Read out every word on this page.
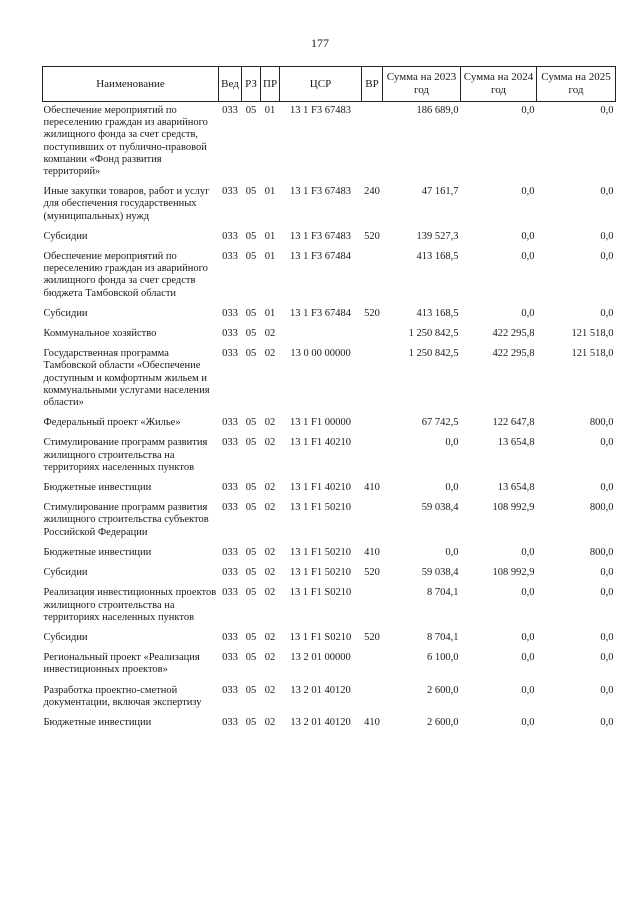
177
Наименование	Вед	РЗ	ПР	ЦСР	ВР	Сумма на 2023 год	Сумма на 2024 год	Сумма на 2025 год
Обеспечение мероприятий по переселению граждан из аварийного жилищного фонда за счет средств, поступивших от публично-правовой компании «Фонд развития территорий»	033	05	01	13 1 F3 67483		186 689,0	0,0	0,0
Иные закупки товаров, работ и услуг для обеспечения государственных (муниципальных) нужд	033	05	01	13 1 F3 67483	240	47 161,7	0,0	0,0
Субсидии	033	05	01	13 1 F3 67483	520	139 527,3	0,0	0,0
Обеспечение мероприятий по переселению граждан из аварийного жилищного фонда за счет средств бюджета Тамбовской области	033	05	01	13 1 F3 67484		413 168,5	0,0	0,0
Субсидии	033	05	01	13 1 F3 67484	520	413 168,5	0,0	0,0
Коммунальное хозяйство	033	05	02			1 250 842,5	422 295,8	121 518,0
Государственная программа Тамбовской области «Обеспечение доступным и комфортным жильем и коммунальными услугами населения области»	033	05	02	13 0 00 00000		1 250 842,5	422 295,8	121 518,0
Федеральный проект «Жилье»	033	05	02	13 1 F1 00000		67 742,5	122 647,8	800,0
Стимулирование программ развития жилищного строительства на территориях населенных пунктов	033	05	02	13 1 F1 40210		0,0	13 654,8	0,0
Бюджетные инвестиции	033	05	02	13 1 F1 40210	410	0,0	13 654,8	0,0
Стимулирование программ развития жилищного строительства субъектов Российской Федерации	033	05	02	13 1 F1 50210		59 038,4	108 992,9	800,0
Бюджетные инвестиции	033	05	02	13 1 F1 50210	410	0,0	0,0	800,0
Субсидии	033	05	02	13 1 F1 50210	520	59 038,4	108 992,9	0,0
Реализация инвестиционных проектов жилищного строительства на территориях населенных пунктов	033	05	02	13 1 F1 S0210		8 704,1	0,0	0,0
Субсидии	033	05	02	13 1 F1 S0210	520	8 704,1	0,0	0,0
Региональный проект «Реализация инвестиционных проектов»	033	05	02	13 2 01 00000		6 100,0	0,0	0,0
Разработка проектно-сметной документации, включая экспертизу	033	05	02	13 2 01 40120		2 600,0	0,0	0,0
Бюджетные инвестиции	033	05	02	13 2 01 40120	410	2 600,0	0,0	0,0
